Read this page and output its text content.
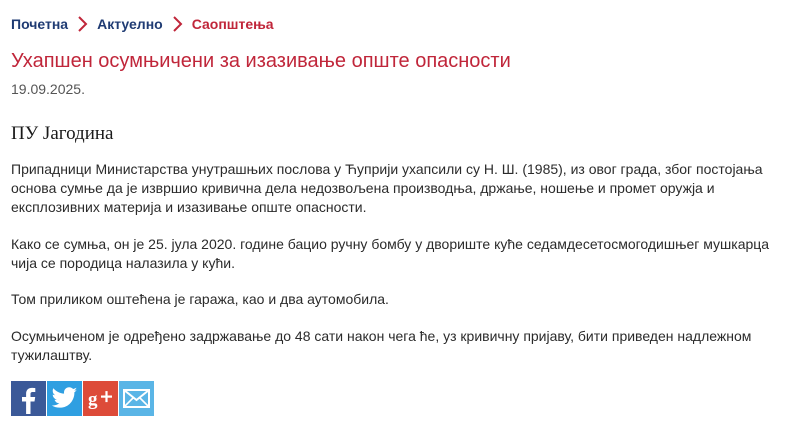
Почетна Актуелно Саопштења
Ухапшен осумњичени за изазивање опште опасности
19.09.2025.
ПУ Јагодина

Припадници Министарства унутрашњих послова у Ћуприји ухапсили су Н. Ш. (1985), из овог града, због постојања основа сумње да је извршио кривична дела недозвољена производња, држање, ношење и промет оружја и експлозивних материја и изазивање опште опасности.

Како се сумња, он је 25. јула 2020. године бацио ручну бомбу у двориште куће седамдесетосмогодишњег мушкарца чија се породица налазила у кући.

Том приликом оштећена је гаража, као и два аутомобила.

Осумњиченом је одређено задржавање до 48 сати након чега ће, уз кривичну пријаву, бити приведен надлежном тужилаштву.

g
